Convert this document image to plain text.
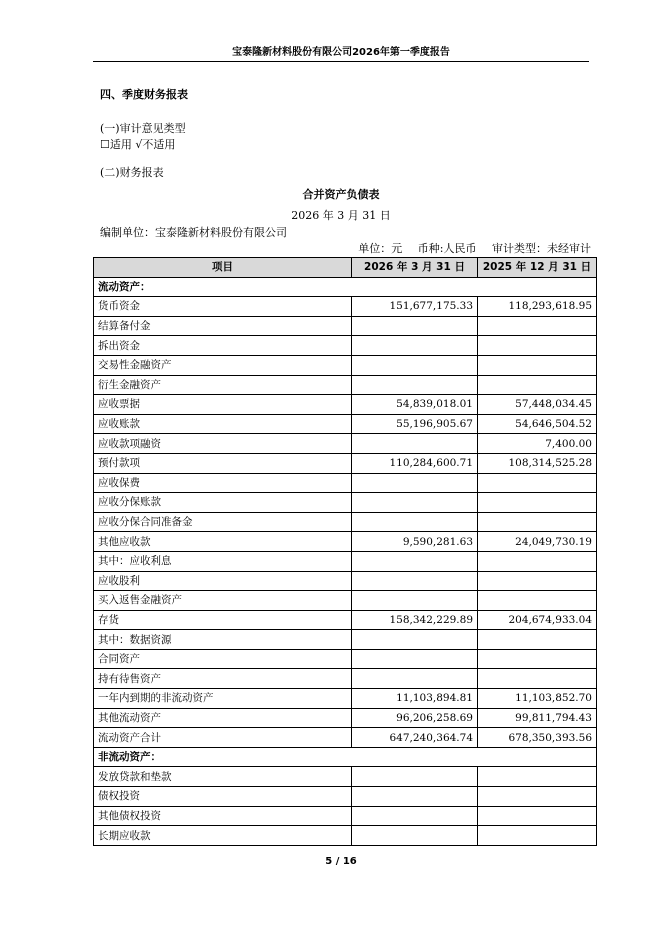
宝泰隆新材料股份有限公司2026年第一季度报告
四、季度财务报表
(一)审计意见类型
☐适用 √不适用
(二)财务报表
合并资产负债表
2026 年 3 月 31 日
编制单位：宝泰隆新材料股份有限公司
单位：元 币种:人民币 审计类型：未经审计
项目	2026 年 3 月 31 日	2025 年 12 月 31 日
流动资产：		
货币资金	151,677,175.33	118,293,618.95
结算备付金		
拆出资金		
交易性金融资产		
衍生金融资产		
应收票据	54,839,018.01	57,448,034.45
应收账款	55,196,905.67	54,646,504.52
应收款项融资		7,400.00
预付款项	110,284,600.71	108,314,525.28
应收保费		
应收分保账款		
应收分保合同准备金		
其他应收款	9,590,281.63	24,049,730.19
其中：应收利息		
应收股利		
买入返售金融资产		
存货	158,342,229.89	204,674,933.04
其中：数据资源		
合同资产		
持有待售资产		
一年内到期的非流动资产	11,103,894.81	11,103,852.70
其他流动资产	96,206,258.69	99,811,794.43
流动资产合计	647,240,364.74	678,350,393.56
非流动资产：		
发放贷款和垫款		
债权投资		
其他债权投资		
长期应收款		
5 / 16
